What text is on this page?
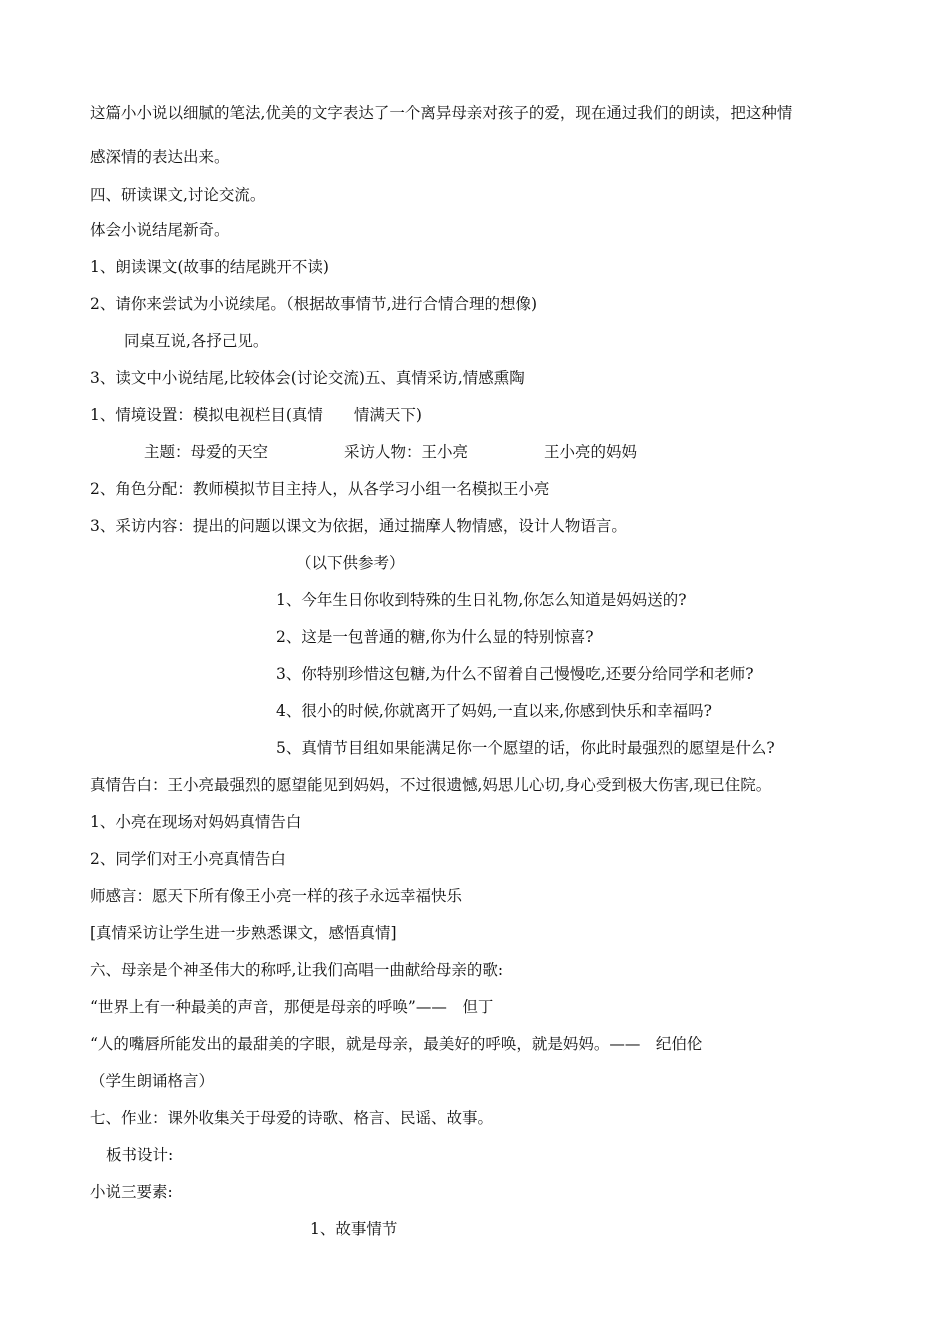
这篇小小说以细腻的笔法,优美的文字表达了一个离异母亲对孩子的爱，现在通过我们的朗读，把这种情
感深情的表达出来。
四、研读课文,讨论交流。
体会小说结尾新奇。
1、朗读课文(故事的结尾跳开不读)
2、请你来尝试为小说续尾。（根据故事情节,进行合情合理的想像)
同桌互说,各抒己见。
3、读文中小说结尾,比较体会(讨论交流)五、真情采访,情感熏陶
1、情境设置：模拟电视栏目(真情　　情满天下)
主题：母爱的天空	采访人物：王小亮	王小亮的妈妈
2、角色分配：教师模拟节目主持人，从各学习小组一名模拟王小亮
3、采访内容：提出的问题以课文为依据，通过揣摩人物情感，设计人物语言。
（以下供参考）
1、今年生日你收到特殊的生日礼物,你怎么知道是妈妈送的?
2、这是一包普通的糖,你为什么显的特别惊喜?
3、你特别珍惜这包糖,为什么不留着自己慢慢吃,还要分给同学和老师?
4、很小的时候,你就离开了妈妈,一直以来,你感到快乐和幸福吗?
5、真情节目组如果能满足你一个愿望的话，你此时最强烈的愿望是什么?
真情告白：王小亮最强烈的愿望能见到妈妈，不过很遗憾,妈思儿心切,身心受到极大伤害,现已住院。
1、小亮在现场对妈妈真情告白
2、同学们对王小亮真情告白
师感言：愿天下所有像王小亮一样的孩子永远幸福快乐
[真情采访让学生进一步熟悉课文，感悟真情]
六、母亲是个神圣伟大的称呼,让我们高唱一曲献给母亲的歌:
“世界上有一种最美的声音，那便是母亲的呼唤”——　但丁
“人的嘴唇所能发出的最甜美的字眼，就是母亲，最美好的呼唤，就是妈妈。——　纪伯伦
（学生朗诵格言）
七、作业：课外收集关于母爱的诗歌、格言、民谣、故事。
板书设计:
小说三要素:
1、故事情节
